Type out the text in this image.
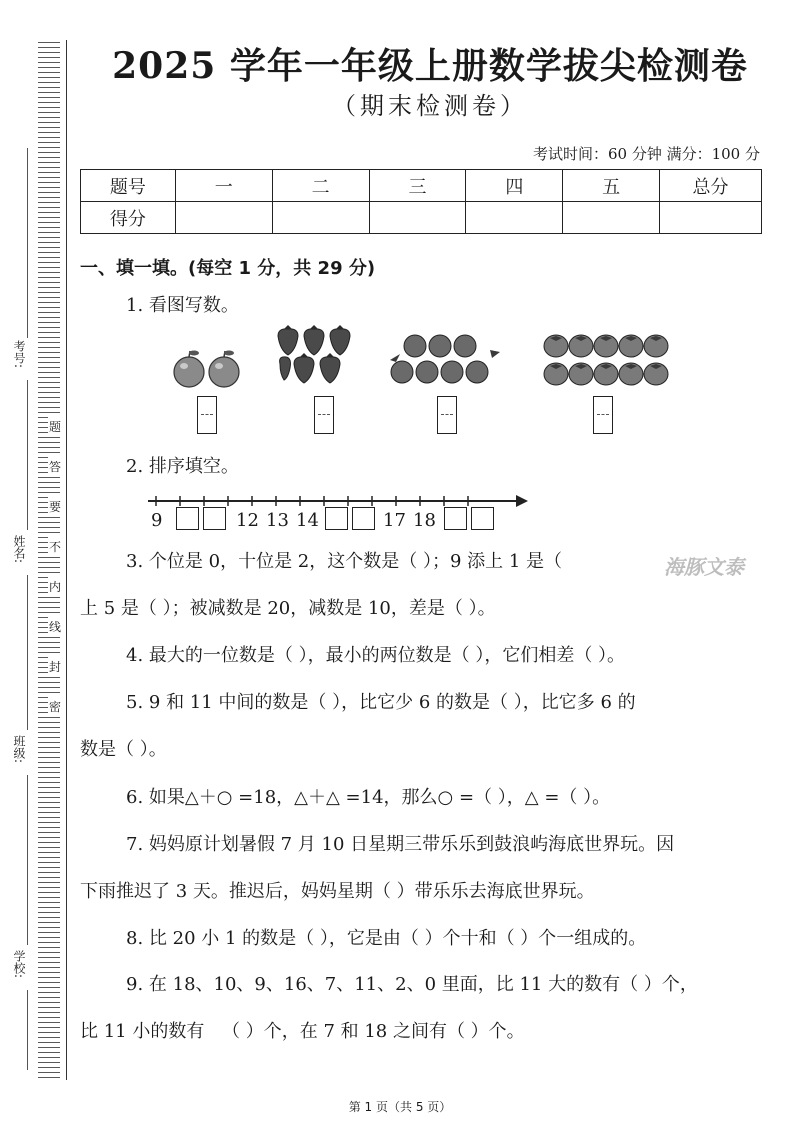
考号:
姓名:
班级:
学校:
题
答
要
不
内
线
封
密
2025 学年一年级上册数学拔尖检测卷
（期末检测卷）
考试时间：60 分钟 满分：100 分
题号	一	二	三	四	五	总分
得分						
一、填一填。(每空 1 分，共 29 分)
1. 看图写数。
2. 排序填空。
9	12 13 14	17 18
3. 个位是 0，十位是 2，这个数是（ ）；9 添上 1 是（	海豚文泰
上 5 是（ ）；被减数是 20，减数是 10，差是（ ）。
4. 最大的一位数是（ ），最小的两位数是（ ），它们相差（ ）。
5. 9 和 11 中间的数是（ ），比它少 6 的数是（ ），比它多 6 的
数是（ ）。
6. 如果△＋○ =18，△＋△ =14，那么○ =（ ），△ =（ ）。
7. 妈妈原计划暑假 7 月 10 日星期三带乐乐到鼓浪屿海底世界玩。因
下雨推迟了 3 天。推迟后，妈妈星期（ ）带乐乐去海底世界玩。
8. 比 20 小 1 的数是（ ），它是由（ ）个十和（ ）个一组成的。
9. 在 18、10、9、16、7、11、2、0 里面，比 11 大的数有（ ）个，
比 11 小的数有 （ ）个，在 7 和 18 之间有（ ）个。
第 1 页（共 5 页）
